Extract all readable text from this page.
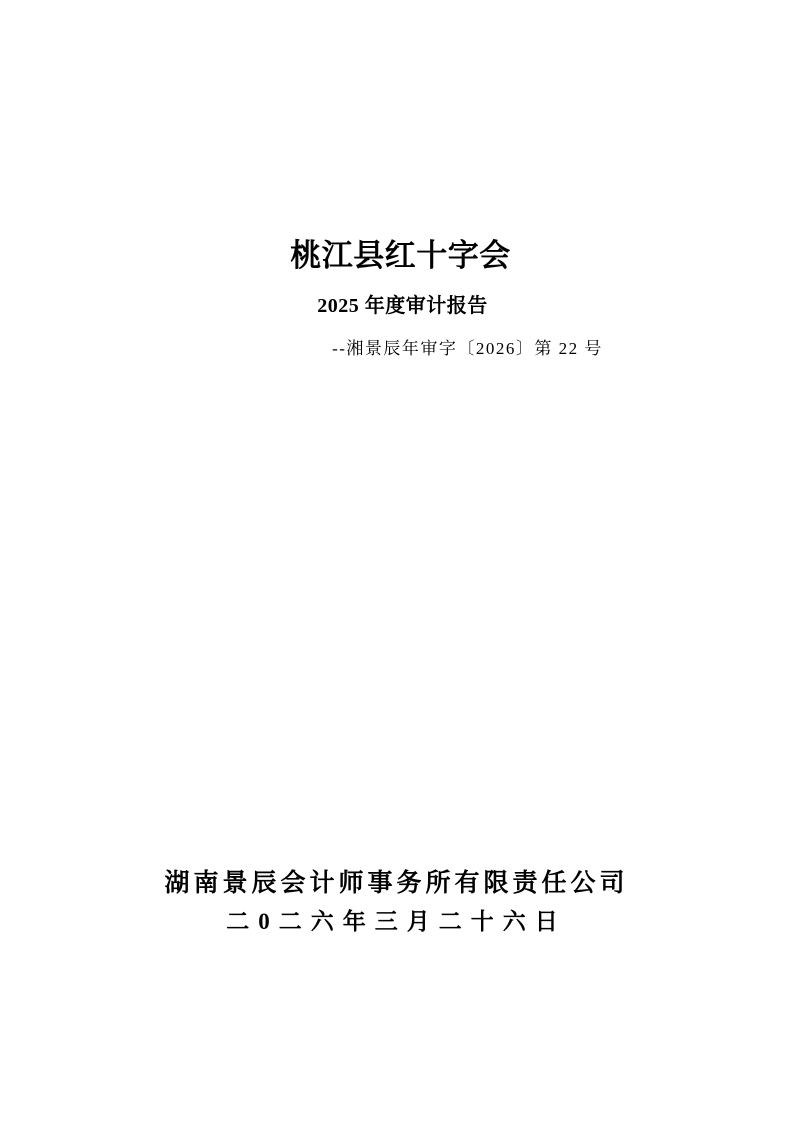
桃江县红十字会
2025 年度审计报告
--湘景辰年审字〔2026〕第 22 号
湖南景辰会计师事务所有限责任公司
二0二六年三月二十六日
